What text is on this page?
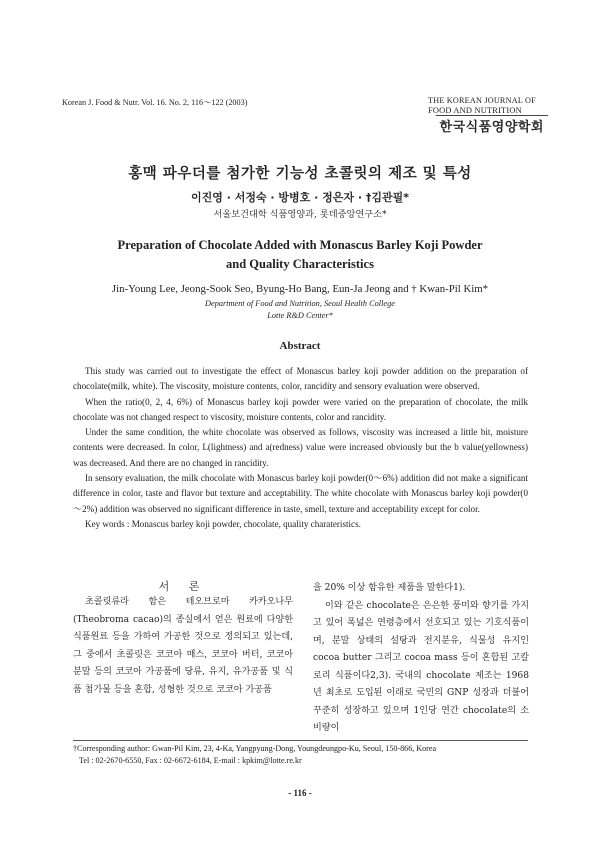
Korean J. Food & Nutr. Vol. 16. No. 2, 116～122 (2003)	THE KOREAN JOURNAL OF
FOOD AND NUTRITION
한국식품영양학회
홍맥 파우더를 첨가한 기능성 초콜릿의 제조 및 특성
이진영 · 서정숙 · 방병호 · 정은자 · †김관필*
서울보건대학 식품영양과, 롯데중앙연구소*
Preparation of Chocolate Added with Monascus Barley Koji Powder
and Quality Characteristics
Jin-Young Lee, Jeong-Sook Seo, Byung-Ho Bang, Eun-Ja Jeong and † Kwan-Pil Kim*
Department of Food and Nutrition, Seoul Health College
Lotte R&D Center*
Abstract

This study was carried out to investigate the effect of Monascus barley koji powder addition on the preparation of chocolate(milk, white). The viscosity, moisture contents, color, rancidity and sensory evaluation were observed.

When the ratio(0, 2, 4, 6%) of Monascus barley koji powder were varied on the preparation of chocolate, the milk chocolate was not changed respect to viscosity, moisture contents, color and rancidity.

Under the same condition, the white chocolate was observed as follows, viscosity was increased a little bit, moisture contents were decreased. In color, L(lightness) and a(redness) value were increased obviously but the b value(yellowness) was decreased. And there are no changed in rancidity.

In sensory evaluation, the milk chocolate with Monascus barley koji powder(0～6%) addition did not make a significant difference in color, taste and flavor but texture and acceptability. The white chocolate with Monascus barley koji powder(0～2%) addition was observed no significant difference in taste, smell, texture and acceptability except for color.

Key words : Monascus barley koji powder, chocolate, quality charateristics.

서 론

초콜릿류라 함은 테오브로마 카카오나무(Theobroma cacao)의 종실에서 얻은 원료에 다양한 식품원료 등을 가하여 가공한 것으로 정의되고 있는데, 그 중에서 초콜릿은 코코아 매스, 코코아 버터, 코코아 분말 등의 코코아 가공품에 당류, 유지, 유가공품 및 식품 첨가물 등을 혼합, 성형한 것으로 코코아 가공품

을 20% 이상 함유한 제품을 말한다1).

이와 같은 chocolate은 은은한 풍미와 향기를 가지고 있어 폭넓은 연령층에서 선호되고 있는 기호식품이며, 분말 상태의 설탕과 전지분유, 식물성 유지인 cocoa butter 그리고 cocoa mass 등이 혼합된 고칼로리 식품이다2,3). 국내의 chocolate 제조는 1968년 최초로 도입된 이래로 국민의 GNP 성장과 더불어 꾸준히 성장하고 있으며 1인당 연간 chocolate의 소비량이

†Corresponding author: Gwan-Pil Kim, 23, 4-Ka, Yangpyung-Dong, Youngdeungpo-Ku, Seoul, 150-866, Korea
Tel : 02-2670-6550, Fax : 02-6672-6184, E-mail : kpkim@lotte.re.kr
- 116 -
